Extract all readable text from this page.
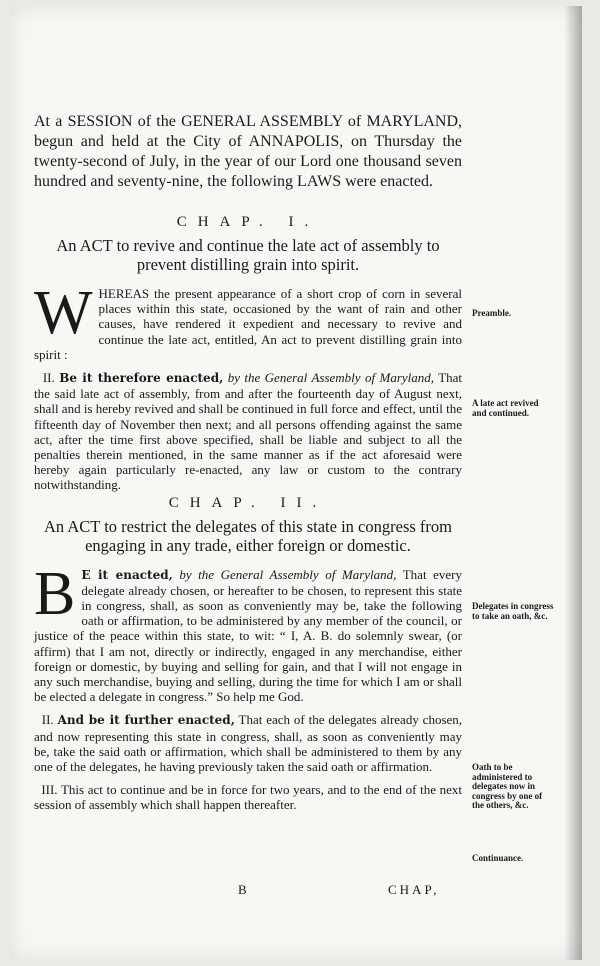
At a SESSION of the GENERAL ASSEMBLY of MARYLAND, begun and held at the City of ANNAPOLIS, on Thursday the twenty-second of July, in the year of our Lord one thousand seven hundred and seventy-nine, the following LAWS were enacted.
CHAP. I.
An ACT to revive and continue the late act of assembly to prevent distilling grain into spirit.

WHEREAS the present appearance of a short crop of corn in several places within this state, occasioned by the want of rain and other causes, have rendered it expedient and necessary to revive and continue the late act, entitled, An act to prevent distilling grain into spirit :

II. Be it therefore enacted, by the General Assembly of Maryland, That the said late act of assembly, from and after the fourteenth day of August next, shall and is hereby revived and shall be continued in full force and effect, until the fifteenth day of November then next; and all persons offending against the same act, after the time first above specified, shall be liable and subject to all the penalties therein mentioned, in the same manner as if the act aforesaid were hereby again particularly re-enacted, any law or custom to the contrary notwithstanding.

CHAP. II.
An ACT to restrict the delegates of this state in congress from engaging in any trade, either foreign or domestic.

B E it enacted, by the General Assembly of Maryland, That every delegate already chosen, or hereafter to be chosen, to represent this state in congress, shall, as soon as conveniently may be, take the following oath or affirmation, to be administered by any member of the council, or justice of the peace within this state, to wit: “ I, A. B. do solemnly swear, (or affirm) that I am not, directly or indirectly, engaged in any merchandise, either foreign or domestic, by buying and selling for gain, and that I will not engage in any such merchandise, buying and selling, during the time for which I am or shall be elected a delegate in congress.” So help me God.

II. And be it further enacted, That each of the delegates already chosen, and now representing this state in congress, shall, as soon as conveniently may be, take the said oath or affirmation, which shall be administered to them by any one of the delegates, he having previously taken the said oath or affirmation.

III. This act to continue and be in force for two years, and to the end of the next session of assembly which shall happen thereafter.

Preamble.
A late act revived and continued.
Delegates in congress to take an oath, &c.
Oath to be administered to delegates now in congress by one of the others, &c.
Continuance.
B	CHAP,
